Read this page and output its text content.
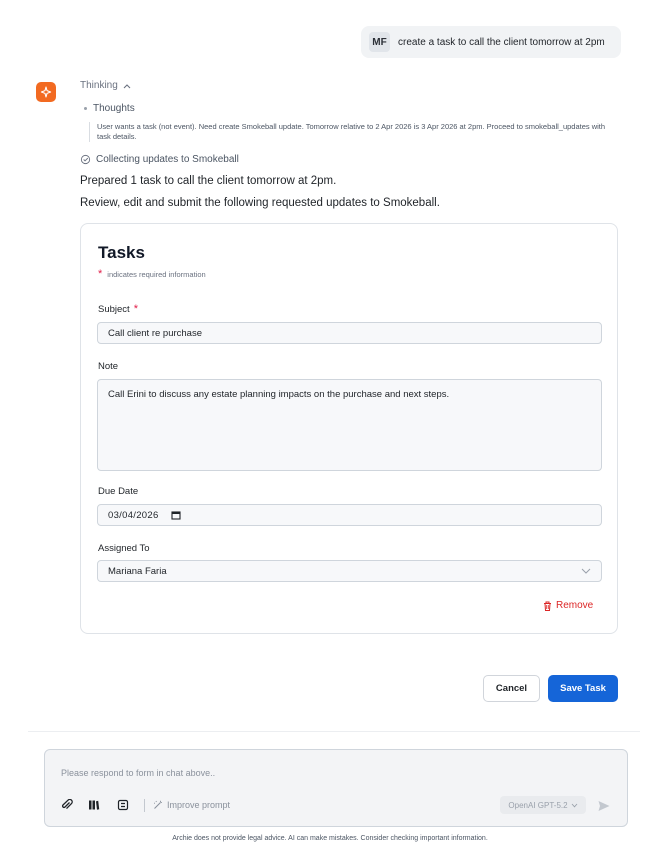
MF	create a task to call the client tomorrow at 2pm
Thinking
Thoughts
User wants a task (not event). Need create Smokeball update. Tomorrow relative to 2 Apr 2026 is 3 Apr 2026 at 2pm. Proceed to smokeball_updates with task details.
Collecting updates to Smokeball
Prepared 1 task to call the client tomorrow at 2pm.
Review, edit and submit the following requested updates to Smokeball.
Tasks
* indicates required information
Subject *
Call client re purchase
Note
Call Erini to discuss any estate planning impacts on the purchase and next steps.
Due Date
03/04/2026
Assigned To
Mariana Faria
Remove
Cancel	Save Task
Please respond to form in chat above..
Improve prompt	OpenAI GPT-5.2
Archie does not provide legal advice. AI can make mistakes. Consider checking important information.
